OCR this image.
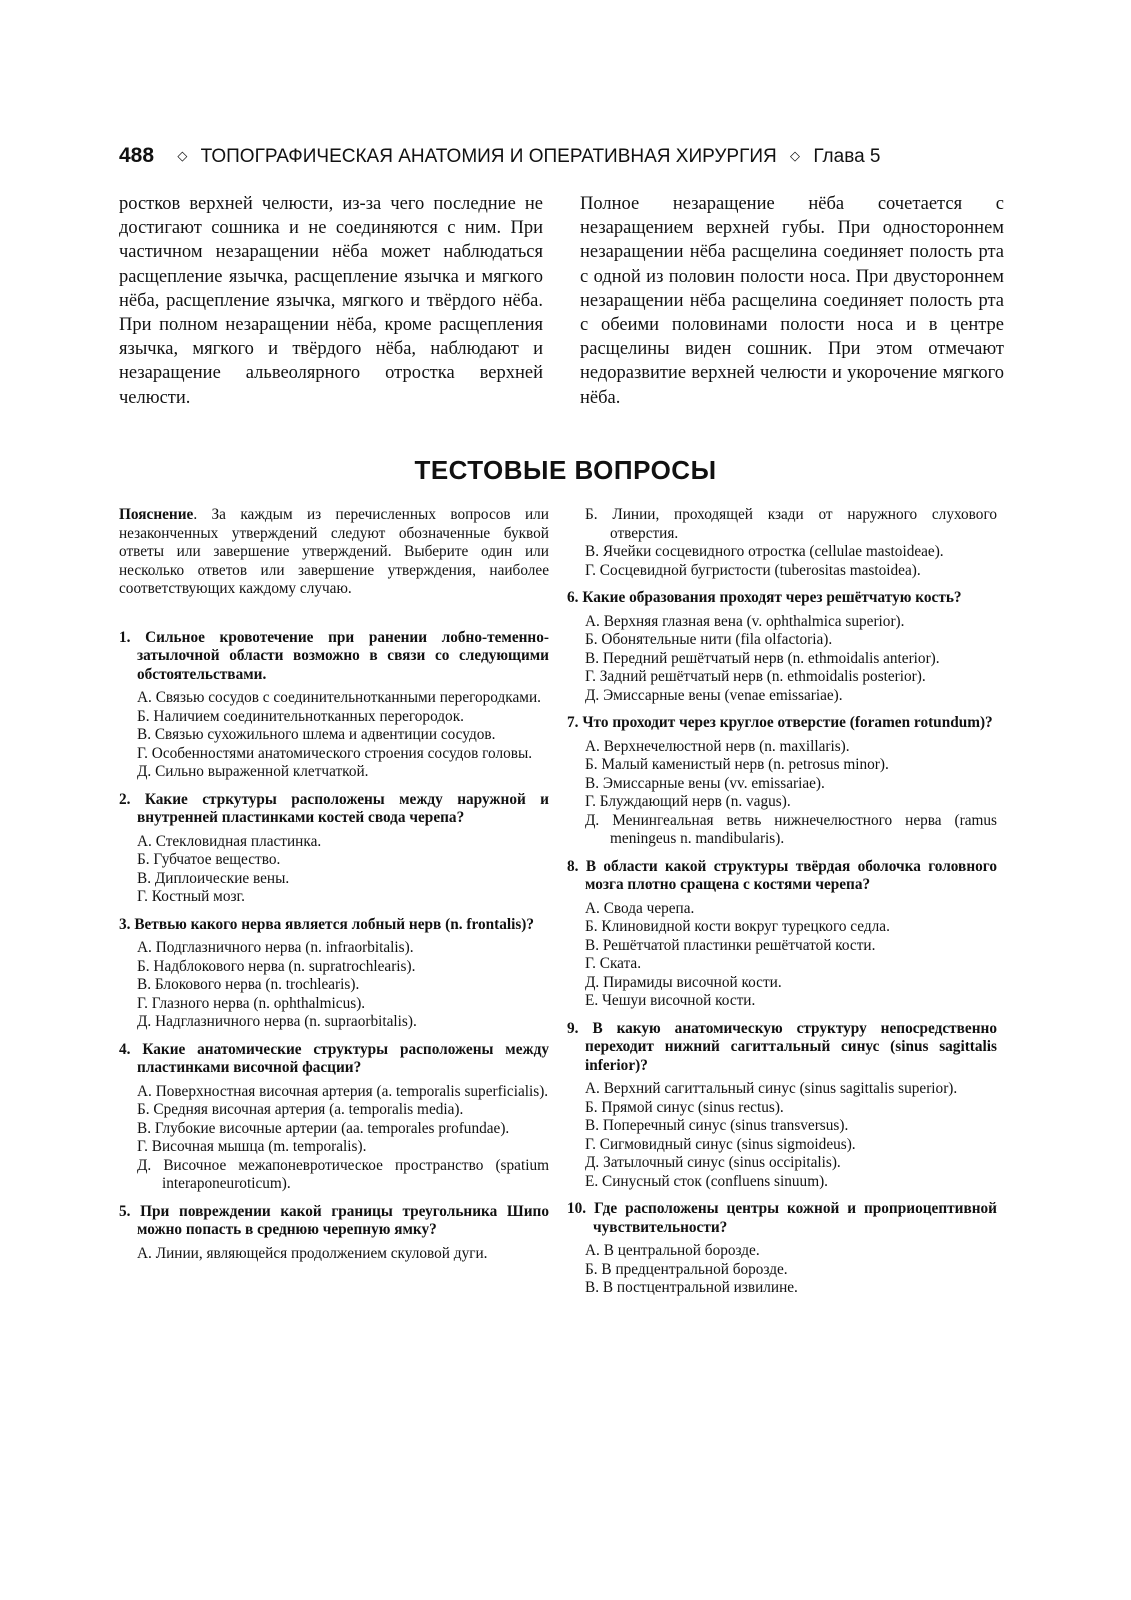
488 ◇ ТОПОГРАФИЧЕСКАЯ АНАТОМИЯ И ОПЕРАТИВНАЯ ХИРУРГИЯ ◇ Глава 5
ростков верхней челюсти, из-за чего последние не достигают сошника и не соединяются с ним. При частичном незаращении нёба может наблюдаться расщепление язычка, расщепление язычка и мягкого нёба, расщепление язычка, мягкого и твёрдого нёба. При полном незаращении нёба, кроме расщепления язычка, мягкого и твёрдого нёба, наблюдают и незаращение альвеолярного отростка верхней челюсти.
Полное незаращение нёба сочетается с незаращением верхней губы. При одностороннем незаращении нёба расщелина соединяет полость рта с одной из половин полости носа. При двустороннем незаращении нёба расщелина соединяет полость рта с обеими половинами полости носа и в центре расщелины виден сошник. При этом отмечают недоразвитие верхней челюсти и укорочение мягкого нёба.
ТЕСТОВЫЕ ВОПРОСЫ
Пояснение. За каждым из перечисленных вопросов или незаконченных утверждений следуют обозначенные буквой ответы или завершение утверждений. Выберите один или несколько ответов или завершение утверждения, наиболее соответствующих каждому случаю.
1. Сильное кровотечение при ранении лобно-теменно-затылочной области возможно в связи со следующими обстоятельствами.
А. Связью сосудов с соединительнотканными перегородками.
Б. Наличием соединительнотканных перегородок.
В. Связью сухожильного шлема и адвентиции сосудов.
Г. Особенностями анатомического строения сосудов головы.
Д. Сильно выраженной клетчаткой.
2. Какие стркутуры расположены между наружной и внутренней пластинками костей свода черепа?
А. Стекловидная пластинка.
Б. Губчатое вещество.
В. Диплоические вены.
Г. Костный мозг.
3. Ветвью какого нерва является лобный нерв (n. frontalis)?
А. Подглазничного нерва (n. infraorbitalis).
Б. Надблокового нерва (n. supratrochlearis).
В. Блокового нерва (n. trochlearis).
Г. Глазного нерва (n. ophthalmicus).
Д. Надглазничного нерва (n. supraorbitalis).
4. Какие анатомические структуры расположены между пластинками височной фасции?
А. Поверхностная височная артерия (a. temporalis superficialis).
Б. Средняя височная артерия (a. temporalis media).
В. Глубокие височные артерии (aa. temporales profundae).
Г. Височная мышца (m. temporalis).
Д. Височное межапоневротическое пространство (spatium interaponeuroticum).
5. При повреждении какой границы треугольника Шипо можно попасть в среднюю черепную ямку?
А. Линии, являющейся продолжением скуловой дуги.
Б. Линии, проходящей кзади от наружного слухового отверстия.
В. Ячейки сосцевидного отростка (cellulae mastoideae).
Г. Сосцевидной бугристости (tuberositas mastoidea).
6. Какие образования проходят через решётчатую кость?
А. Верхняя глазная вена (v. ophthalmica superior).
Б. Обонятельные нити (fila olfactoria).
В. Передний решётчатый нерв (n. ethmoidalis anterior).
Г. Задний решётчатый нерв (n. ethmoidalis posterior).
Д. Эмиссарные вены (venae emissariae).
7. Что проходит через круглое отверстие (foramen rotundum)?
А. Верхнечелюстной нерв (n. maxillaris).
Б. Малый каменистый нерв (n. petrosus minor).
В. Эмиссарные вены (vv. emissariae).
Г. Блуждающий нерв (n. vagus).
Д. Менингеальная ветвь нижнечелюстного нерва (ramus meningeus n. mandibularis).
8. В области какой структуры твёрдая оболочка головного мозга плотно сращена с костями черепа?
А. Свода черепа.
Б. Клиновидной кости вокруг турецкого седла.
В. Решётчатой пластинки решётчатой кости.
Г. Ската.
Д. Пирамиды височной кости.
Е. Чешуи височной кости.
9. В какую анатомическую структуру непосредственно переходит нижний сагиттальный синус (sinus sagittalis inferior)?
А. Верхний сагиттальный синус (sinus sagittalis superior).
Б. Прямой синус (sinus rectus).
В. Поперечный синус (sinus transversus).
Г. Сигмовидный синус (sinus sigmoideus).
Д. Затылочный синус (sinus occipitalis).
Е. Синусный сток (confluens sinuum).
10. Где расположены центры кожной и проприоцептивной чувствительности?
А. В центральной борозде.
Б. В предцентральной борозде.
В. В постцентральной извилине.
